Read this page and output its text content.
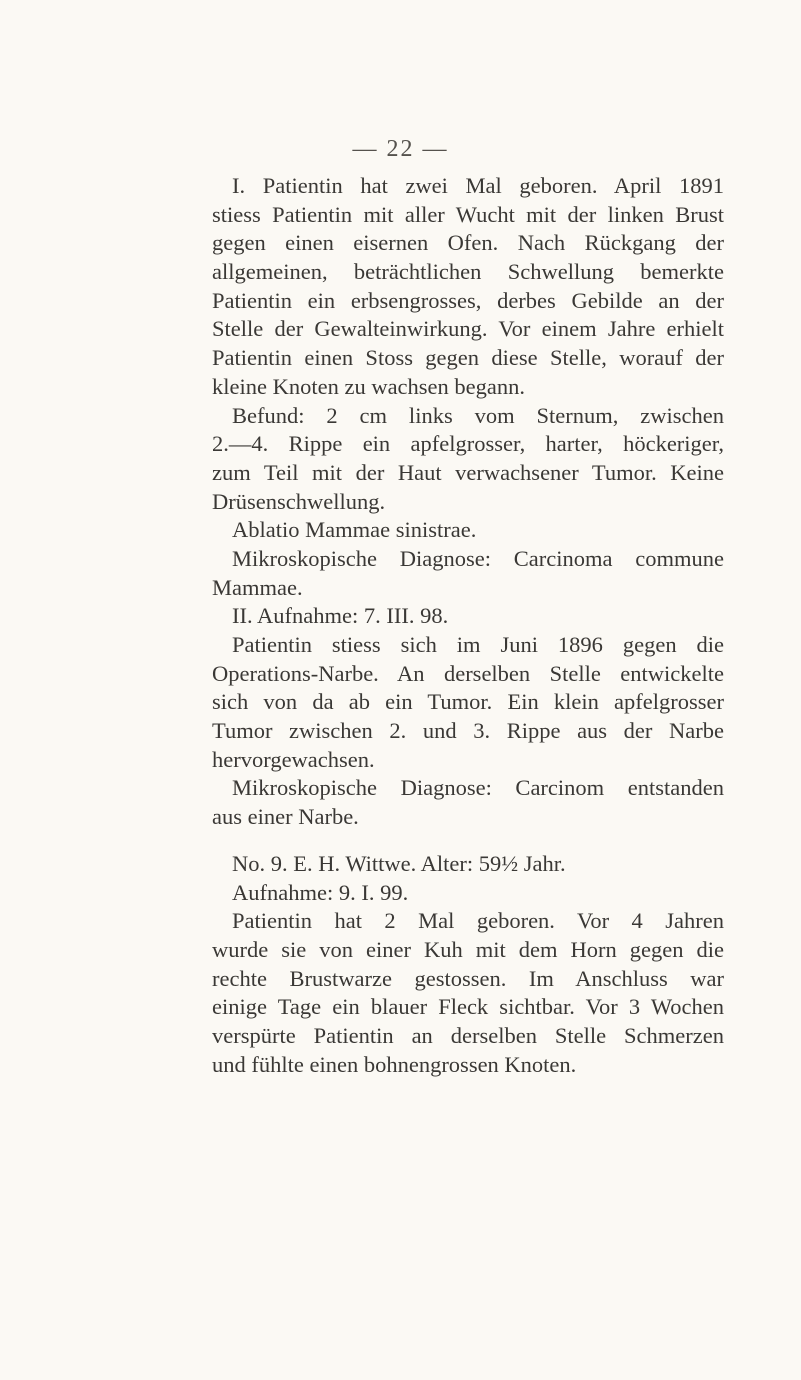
— 22 —
I. Patientin hat zwei Mal geboren. April 1891
stiess Patientin mit aller Wucht mit der linken Brust
gegen einen eisernen Ofen. Nach Rückgang der
allgemeinen, beträchtlichen Schwellung bemerkte
Patientin ein erbsengrosses, derbes Gebilde an der
Stelle der Gewalteinwirkung. Vor einem Jahre erhielt
Patientin einen Stoss gegen diese Stelle, worauf der
kleine Knoten zu wachsen begann.
Befund: 2 cm links vom Sternum, zwischen
2.—4. Rippe ein apfelgrosser, harter, höckeriger,
zum Teil mit der Haut verwachsener Tumor. Keine
Drüsenschwellung.
Ablatio Mammae sinistrae.
Mikroskopische Diagnose: Carcinoma commune
Mammae.
II. Aufnahme: 7. III. 98.
Patientin stiess sich im Juni 1896 gegen die
Operations-Narbe. An derselben Stelle entwickelte
sich von da ab ein Tumor. Ein klein apfelgrosser
Tumor zwischen 2. und 3. Rippe aus der Narbe
hervorgewachsen.
Mikroskopische Diagnose: Carcinom entstanden
aus einer Narbe.
No. 9. E. H. Wittwe. Alter: 59½ Jahr.
Aufnahme: 9. I. 99.
Patientin hat 2 Mal geboren. Vor 4 Jahren
wurde sie von einer Kuh mit dem Horn gegen die
rechte Brustwarze gestossen. Im Anschluss war
einige Tage ein blauer Fleck sichtbar. Vor 3 Wochen
verspürte Patientin an derselben Stelle Schmerzen
und fühlte einen bohnengrossen Knoten.
